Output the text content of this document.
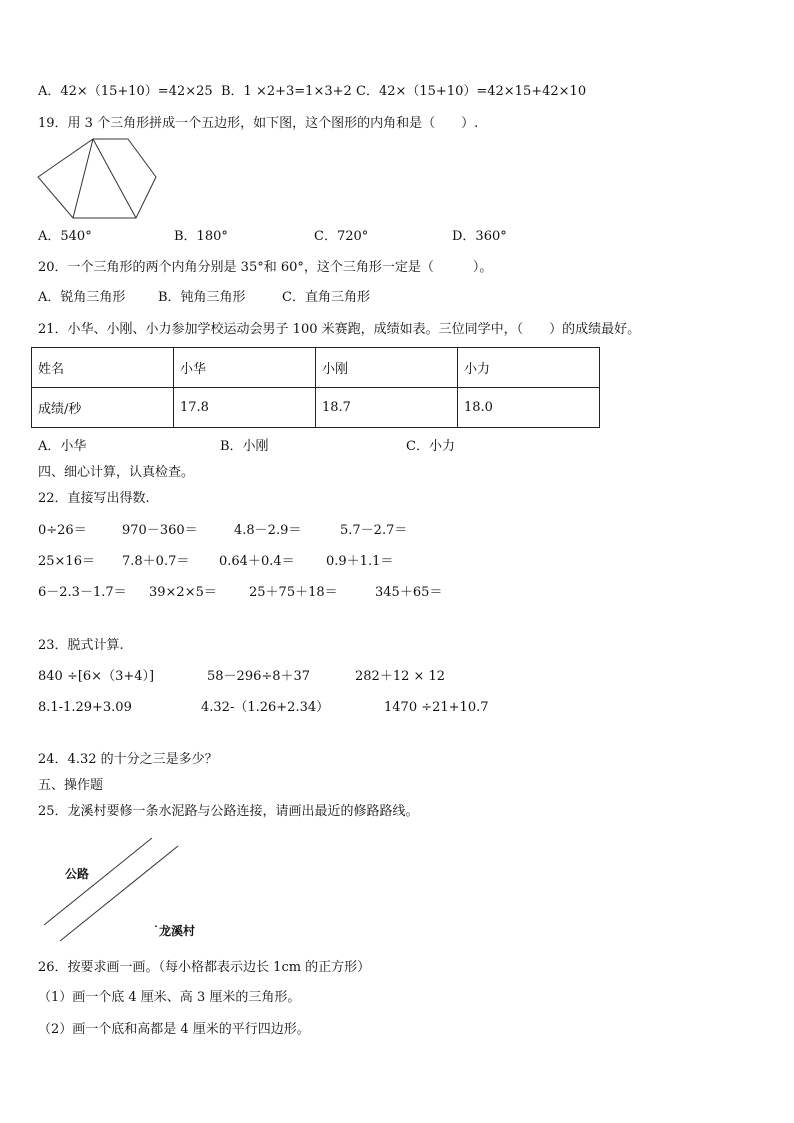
A．42×（15+10）=42×25 B．1 ×2+3=1×3+2 C．42×（15+10）=42×15+42×10
19．用 3 个三角形拼成一个五边形，如下图，这个图形的内角和是（　　）.
A．540°	B．180°	C．720°	D．360°
20．一个三角形的两个内角分别是 35°和 60°，这个三角形一定是（　　　）。
A．锐角三角形	B．钝角三角形	C．直角三角形
21．小华、小刚、小力参加学校运动会男子 100 米赛跑，成绩如表。三位同学中，（　　）的成绩最好。
姓名	小华	小刚	小力
成绩/秒	17.8	18.7	18.0
A．小华	B．小刚	C．小力
四、细心计算，认真检查。
22．直接写出得数.
0÷26＝	970－360＝	4.8－2.9＝	5.7－2.7＝
25×16＝ 7.8＋0.7＝ 0.64＋0.4＝ 0.9＋1.1＝
6－2.3－1.7＝ 39×2×5＝ 25＋75＋18＝	345＋65＝
23．脱式计算.
840 ÷[6×（3+4）]	58－296÷8＋37	282＋12 × 12
8.1-1.29+3.09	4.32-（1.26+2.34）	1470 ÷21+10.7
24．4.32 的十分之三是多少？
五、操作题
25．龙溪村要修一条水泥路与公路连接，请画出最近的修路路线。
公路
˙龙溪村
26．按要求画一画。（每小格都表示边长 1cm 的正方形）
（1）画一个底 4 厘米、高 3 厘米的三角形。
（2）画一个底和高都是 4 厘米的平行四边形。
